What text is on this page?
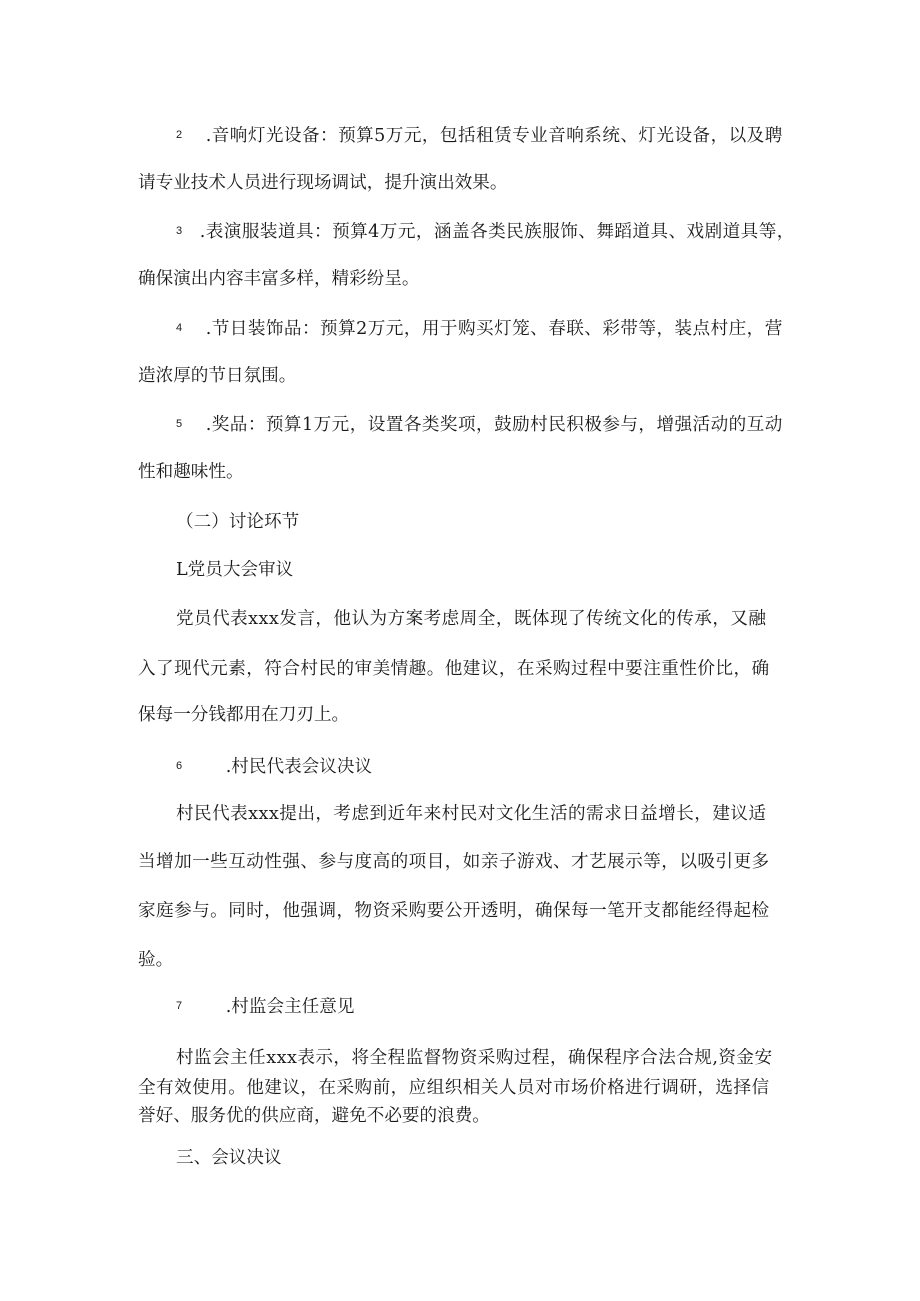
2 .音响灯光设备：预算5万元，包括租赁专业音响系统、灯光设备，以及聘
请专业技术人员进行现场调试，提升演出效果。
3 .表演服装道具：预算4万元，涵盖各类民族服饰、舞蹈道具、戏剧道具等，
确保演出内容丰富多样，精彩纷呈。
4 .节日装饰品：预算2万元，用于购买灯笼、春联、彩带等，装点村庄，营
造浓厚的节日氛围。
5 .奖品：预算1万元，设置各类奖项，鼓励村民积极参与，增强活动的互动
性和趣味性。
（二）讨论环节
L党员大会审议
党员代表xxx发言，他认为方案考虑周全，既体现了传统文化的传承，又融
入了现代元素，符合村民的审美情趣。他建议，在采购过程中要注重性价比，确
保每一分钱都用在刀刃上。
6 .村民代表会议决议
村民代表xxx提出，考虑到近年来村民对文化生活的需求日益增长，建议适
当增加一些互动性强、参与度高的项目，如亲子游戏、才艺展示等，以吸引更多
家庭参与。同时，他强调，物资采购要公开透明，确保每一笔开支都能经得起检
验。
7 .村监会主任意见
村监会主任xxx表示，将全程监督物资采购过程，确保程序合法合规,资金安
全有效使用。他建议，在采购前，应组织相关人员对市场价格进行调研，选择信
誉好、服务优的供应商，避免不必要的浪费。
三、会议决议
